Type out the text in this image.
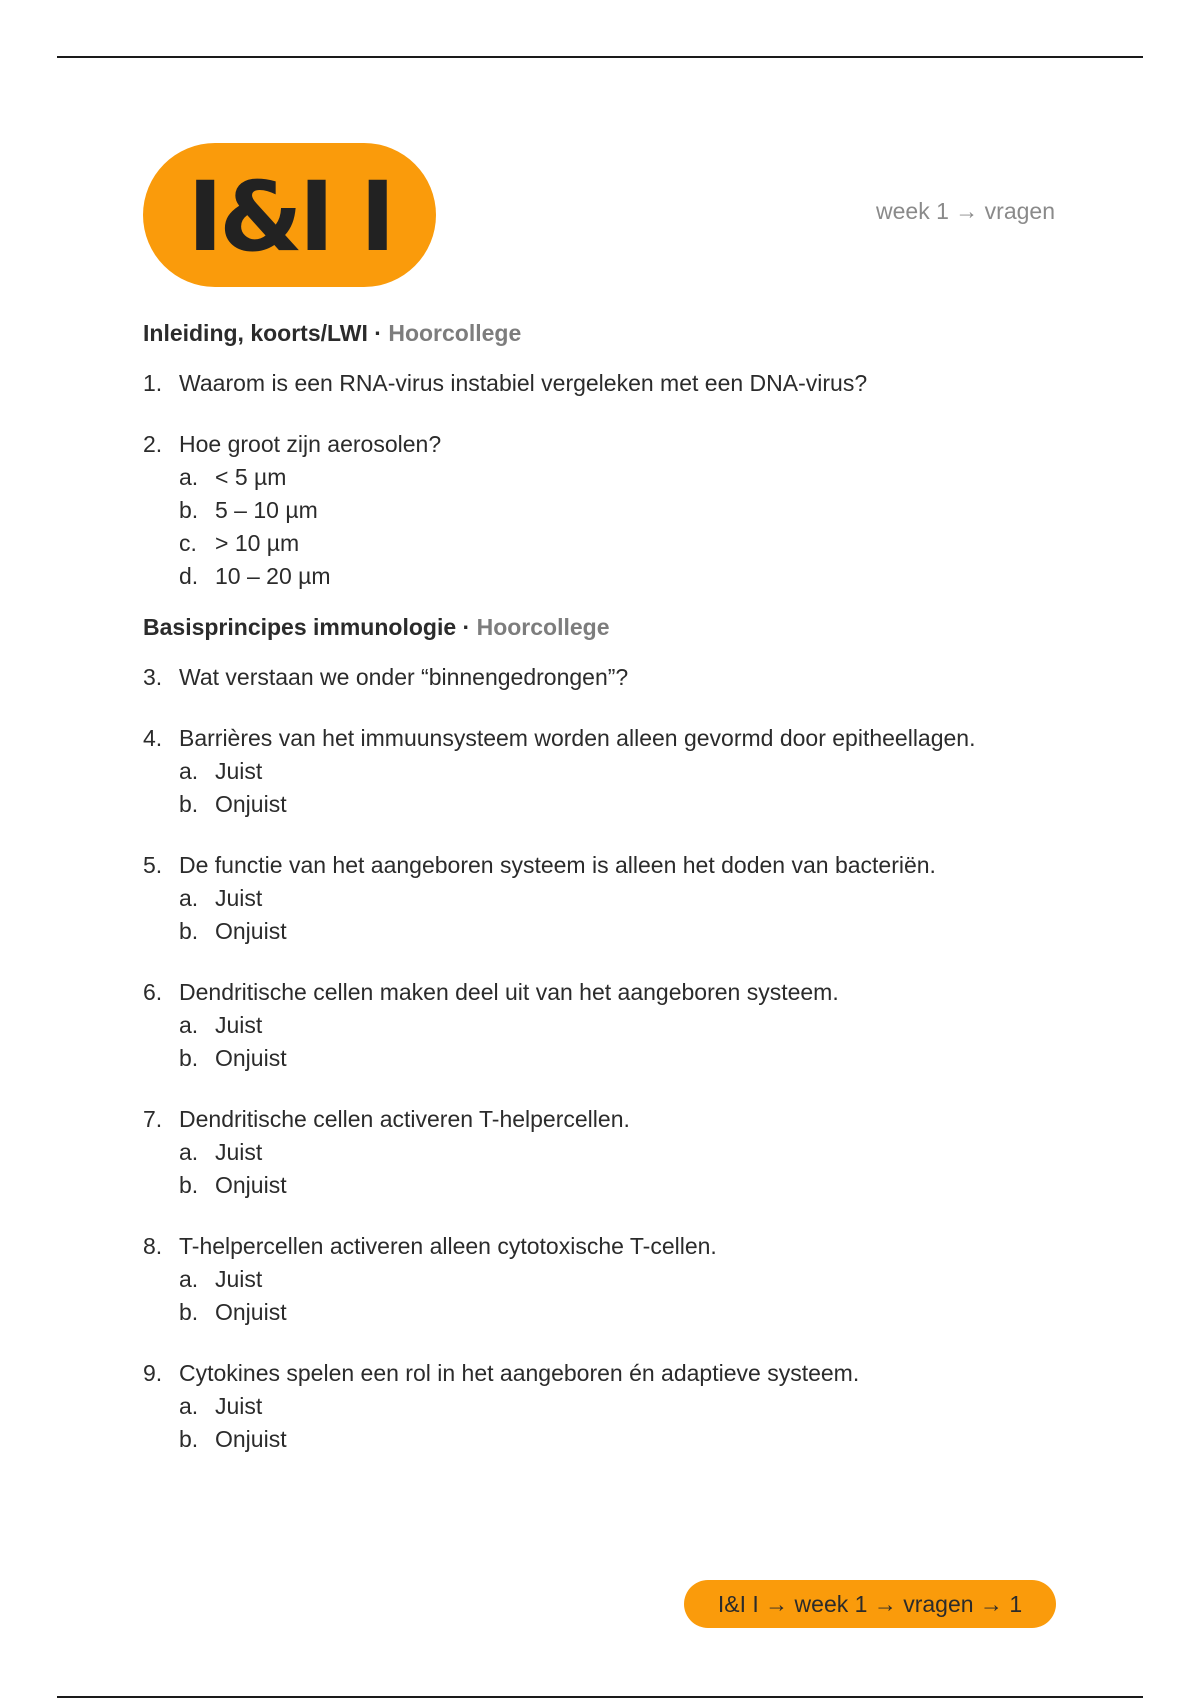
I&I I	week 1 → vragen
Inleiding, koorts/LWI · Hoorcollege
1. Waarom is een RNA-virus instabiel vergeleken met een DNA-virus?
2. Hoe groot zijn aerosolen?
a. < 5 µm
b. 5 – 10 µm
c. > 10 µm
d. 10 – 20 µm
Basisprincipes immunologie · Hoorcollege
3. Wat verstaan we onder “binnengedrongen”?
4. Barrières van het immuunsysteem worden alleen gevormd door epitheellagen.
a. Juist
b. Onjuist
5. De functie van het aangeboren systeem is alleen het doden van bacteriën.
a. Juist
b. Onjuist
6. Dendritische cellen maken deel uit van het aangeboren systeem.
a. Juist
b. Onjuist
7. Dendritische cellen activeren T-helpercellen.
a. Juist
b. Onjuist
8. T-helpercellen activeren alleen cytotoxische T-cellen.
a. Juist
b. Onjuist
9. Cytokines spelen een rol in het aangeboren én adaptieve systeem.
a. Juist
b. Onjuist
I&I I → week 1 → vragen → 1
